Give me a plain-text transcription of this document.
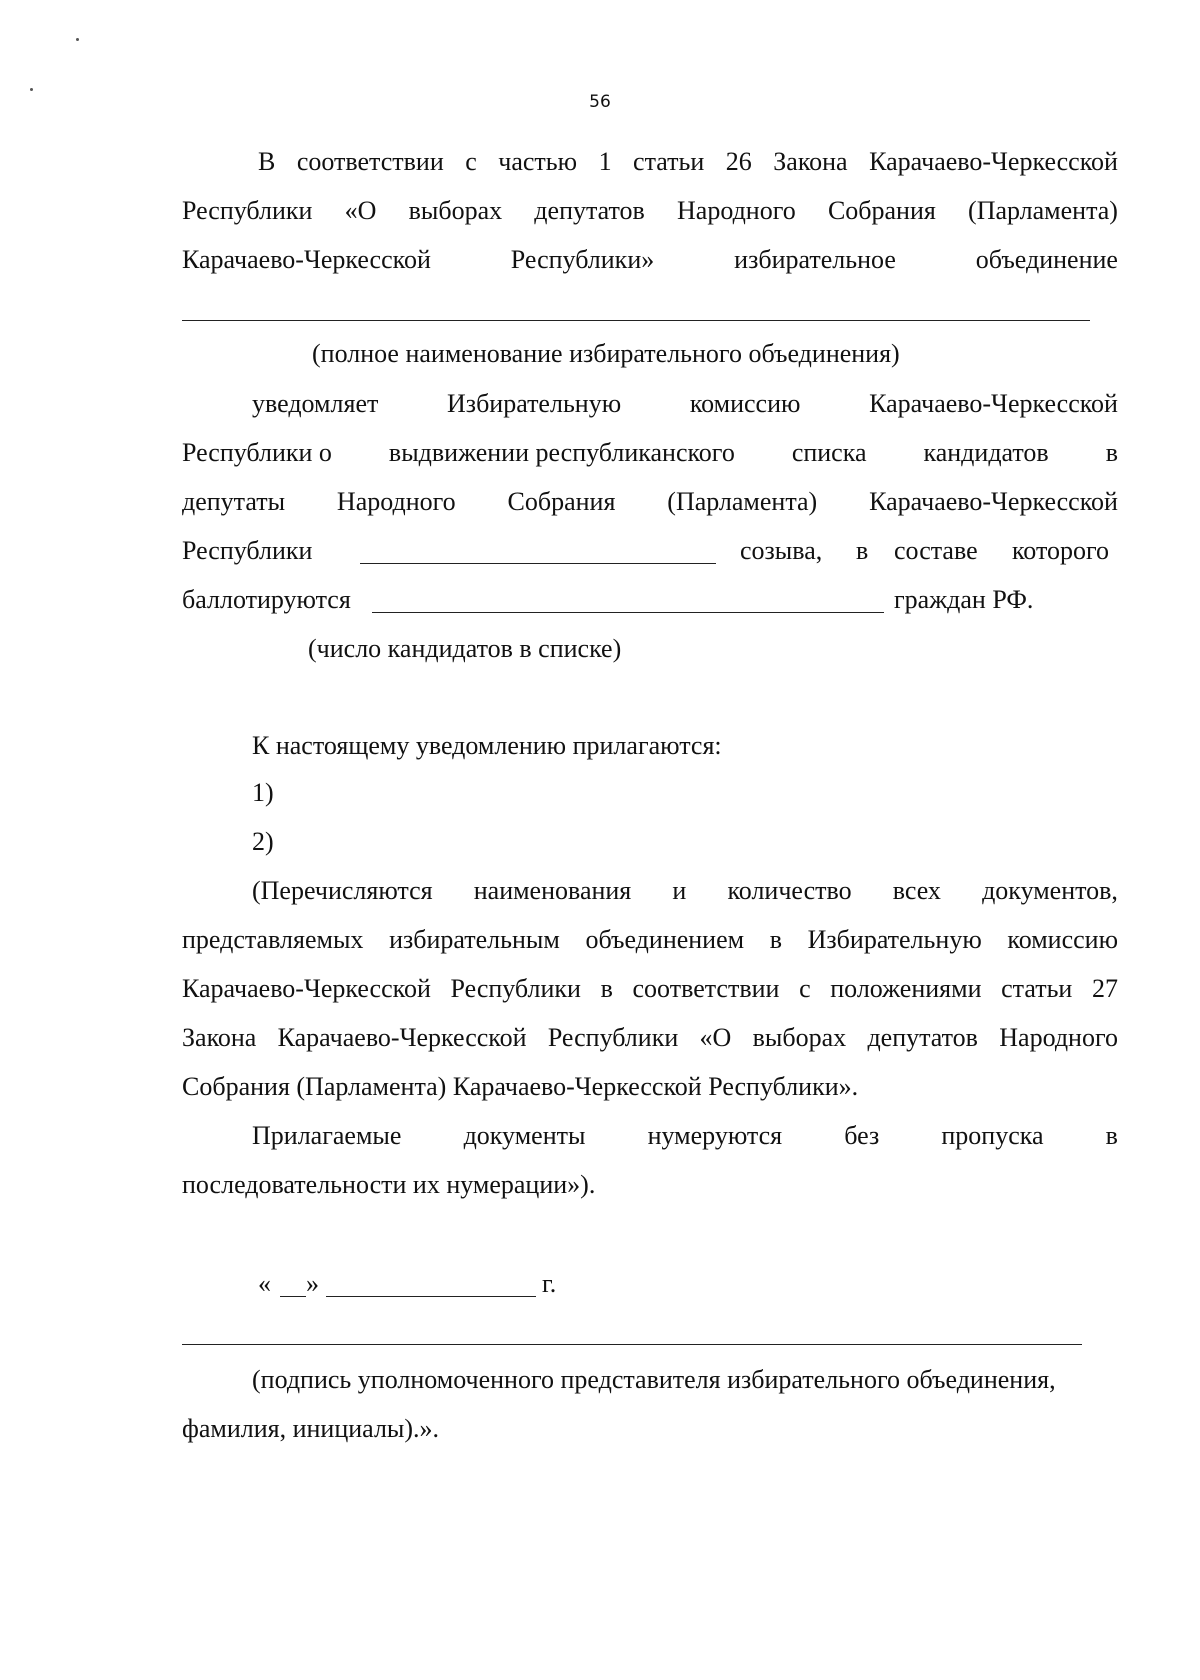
56
В соответствии с частью 1 статьи 26 Закона Карачаево-Черкесской
Республики «О выборах депутатов Народного Собрания (Парламента)
Карачаево-Черкесской	Республики»	избирательное	объединение
(полное наименование избирательного объединения)
уведомляет	Избирательную	комиссию	Карачаево-Черкесской
Республики о выдвижении республиканского списка кандидатов в
депутаты Народного Собрания (Парламента) Карачаево-Черкесской
Республики	созыва, в составе которого
баллотируются	граждан РФ.
(число кандидатов в списке)
К настоящему уведомлению прилагаются:
1)
2)
(Перечисляются наименования и количество всех документов,
представляемых избирательным объединением в Избирательную комиссию
Карачаево-Черкесской Республики в соответствии с положениями статьи 27
Закона Карачаево-Черкесской Республики «О выборах депутатов Народного
Собрания (Парламента) Карачаево-Черкесской Республики».
Прилагаемые документы нумеруются без пропуска в
последовательности их нумерации»).
« »	г.
(подпись уполномоченного представителя избирательного объединения,
фамилия, инициалы).».
